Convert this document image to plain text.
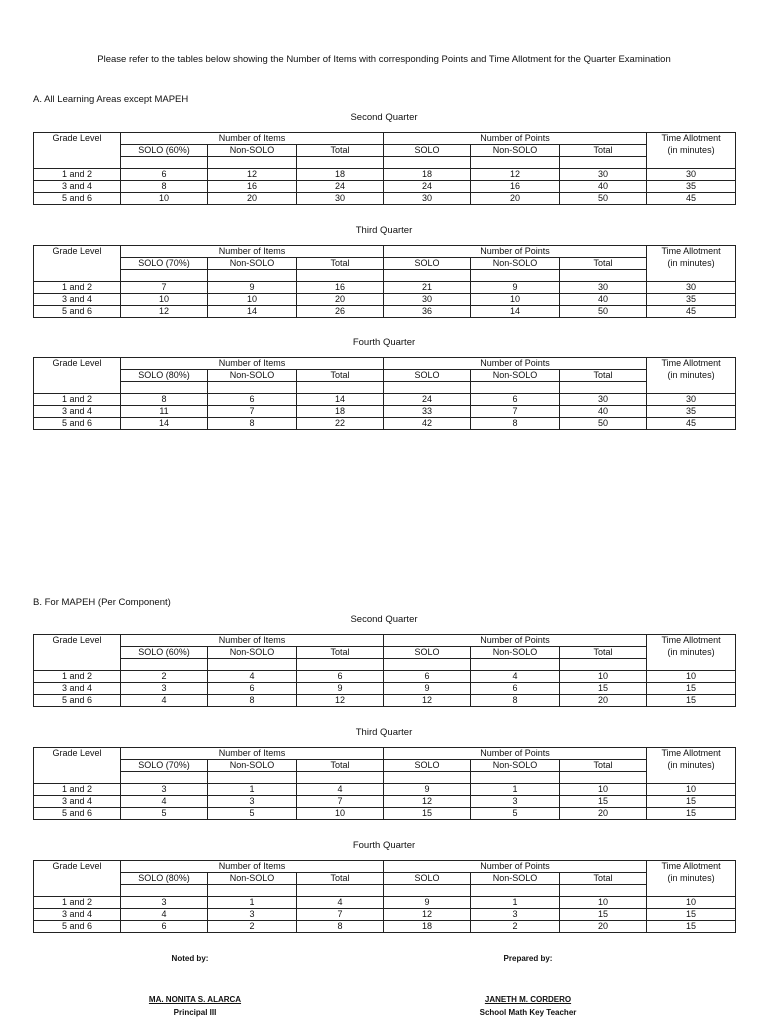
Please refer to the tables below showing the Number of Items with corresponding Points and Time Allotment for the Quarter Examination
A. All Learning Areas except MAPEH
B. For MAPEH (Per Component)
Second Quarter
Grade Level	Number of Items			Number of Points			Time Allotment
	SOLO (60%)	Non-SOLO	Total	SOLO	Non-SOLO	Total	(in minutes)

1 and 2	6	12	18	18	12	30	30
3 and 4	8	16	24	24	16	40	35
5 and 6	10	20	30	30	20	50	45
Third Quarter
Grade Level	Number of Items			Number of Points			Time Allotment
	SOLO (70%)	Non-SOLO	Total	SOLO	Non-SOLO	Total	(in minutes)

1 and 2	7	9	16	21	9	30	30
3 and 4	10	10	20	30	10	40	35
5 and 6	12	14	26	36	14	50	45
Fourth Quarter
Grade Level	Number of Items			Number of Points			Time Allotment
	SOLO (80%)	Non-SOLO	Total	SOLO	Non-SOLO	Total	(in minutes)

1 and 2	8	6	14	24	6	30	30
3 and 4	11	7	18	33	7	40	35
5 and 6	14	8	22	42	8	50	45
Second Quarter
Grade Level	Number of Items			Number of Points			Time Allotment
	SOLO (60%)	Non-SOLO	Total	SOLO	Non-SOLO	Total	(in minutes)

1 and 2	2	4	6	6	4	10	10
3 and 4	3	6	9	9	6	15	15
5 and 6	4	8	12	12	8	20	15
Third Quarter
Grade Level	Number of Items			Number of Points			Time Allotment
	SOLO (70%)	Non-SOLO	Total	SOLO	Non-SOLO	Total	(in minutes)

1 and 2	3	1	4	9	1	10	10
3 and 4	4	3	7	12	3	15	15
5 and 6	5	5	10	15	5	20	15
Fourth Quarter
Grade Level	Number of Items			Number of Points			Time Allotment
	SOLO (80%)	Non-SOLO	Total	SOLO	Non-SOLO	Total	(in minutes)

1 and 2	3	1	4	9	1	10	10
3 and 4	4	3	7	12	3	15	15
5 and 6	6	2	8	18	2	20	15
Noted by:
MA. NONITA S. ALARCA
Principal III
Prepared by:
JANETH M. CORDERO
School Math Key Teacher
